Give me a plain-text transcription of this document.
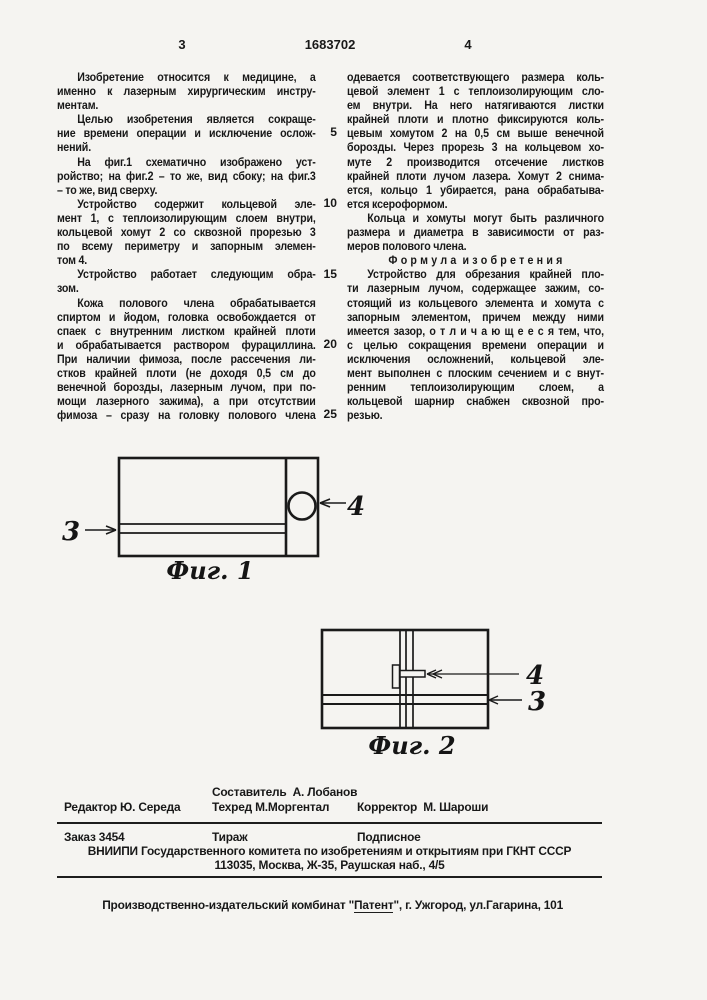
3	1683702	4
Изобретение относится к медицине, а
именно к лазерным хирургическим инстру-
ментам.
Целью изобретения является сокраще-
ние времени операции и исключение ослож-
нений.
На фиг.1 схематично изображено уст-
ройство; на фиг.2 – то же, вид сбоку; на фиг.3
– то же, вид сверху.
Устройство содержит кольцевой эле-
мент 1, с теплоизолирующим слоем внутри,
кольцевой хомут 2 со сквозной прорезью 3
по всему периметру и запорным элемен-
том 4.
Устройство работает следующим обра-
зом.
Кожа полового члена обрабатывается
спиртом и йодом, головка освобождается от
спаек с внутренним листком крайней плоти
и обрабатывается раствором фурациллина.
При наличии фимоза, после рассечения ли-
стков крайней плоти (не доходя 0,5 см до
венечной борозды, лазерным лучом, при по-
мощи лазерного зажима), а при отсутствии
фимоза – сразу на головку полового члена
5
10
15
20
25
одевается соответствующего размера коль-
цевой элемент 1 с теплоизолирующим сло-
ем внутри. На него натягиваются листки
крайней плоти и плотно фиксируются коль-
цевым хомутом 2 на 0,5 см выше венечной
борозды. Через прорезь 3 на кольцевом хо-
муте 2 производится отсечение листков
крайней плоти лучом лазера. Хомут 2 снима-
ется, кольцо 1 убирается, рана обрабатыва-
ется ксероформом.
Кольца и хомуты могут быть различного
размера и диаметра в зависимости от раз-
меров полового члена.
Ф о р м у л а  и з о б р е т е н и я
Устройство для обрезания крайней пло-
ти лазерным лучом, содержащее зажим, со-
стоящий из кольцевого элемента и хомута с
запорным элементом, причем между ними
имеется зазор, о т л и ч а ю щ е е с я тем, что,
с целью сокращения времени операции и
исключения осложнений, кольцевой эле-
мент выполнен с плоским сечением и с внут-
ренним теплоизолирующим слоем, а
кольцевой шарнир снабжен сквозной про-
резью.
3
4
Фиг. 1
4
3
Фиг. 2
Составитель  А. Лобанов
Редактор Ю. Середа	Техред М.Моргентал Корректор  М. Шароши
Заказ 3454	Тираж	Подписное
ВНИИПИ Государственного комитета по изобретениям и открытиям при ГКНТ СССР
113035, Москва, Ж-35, Раушская наб., 4/5

Производственно-издательский комбинат "Патент", г. Ужгород, ул.Гагарина, 101
